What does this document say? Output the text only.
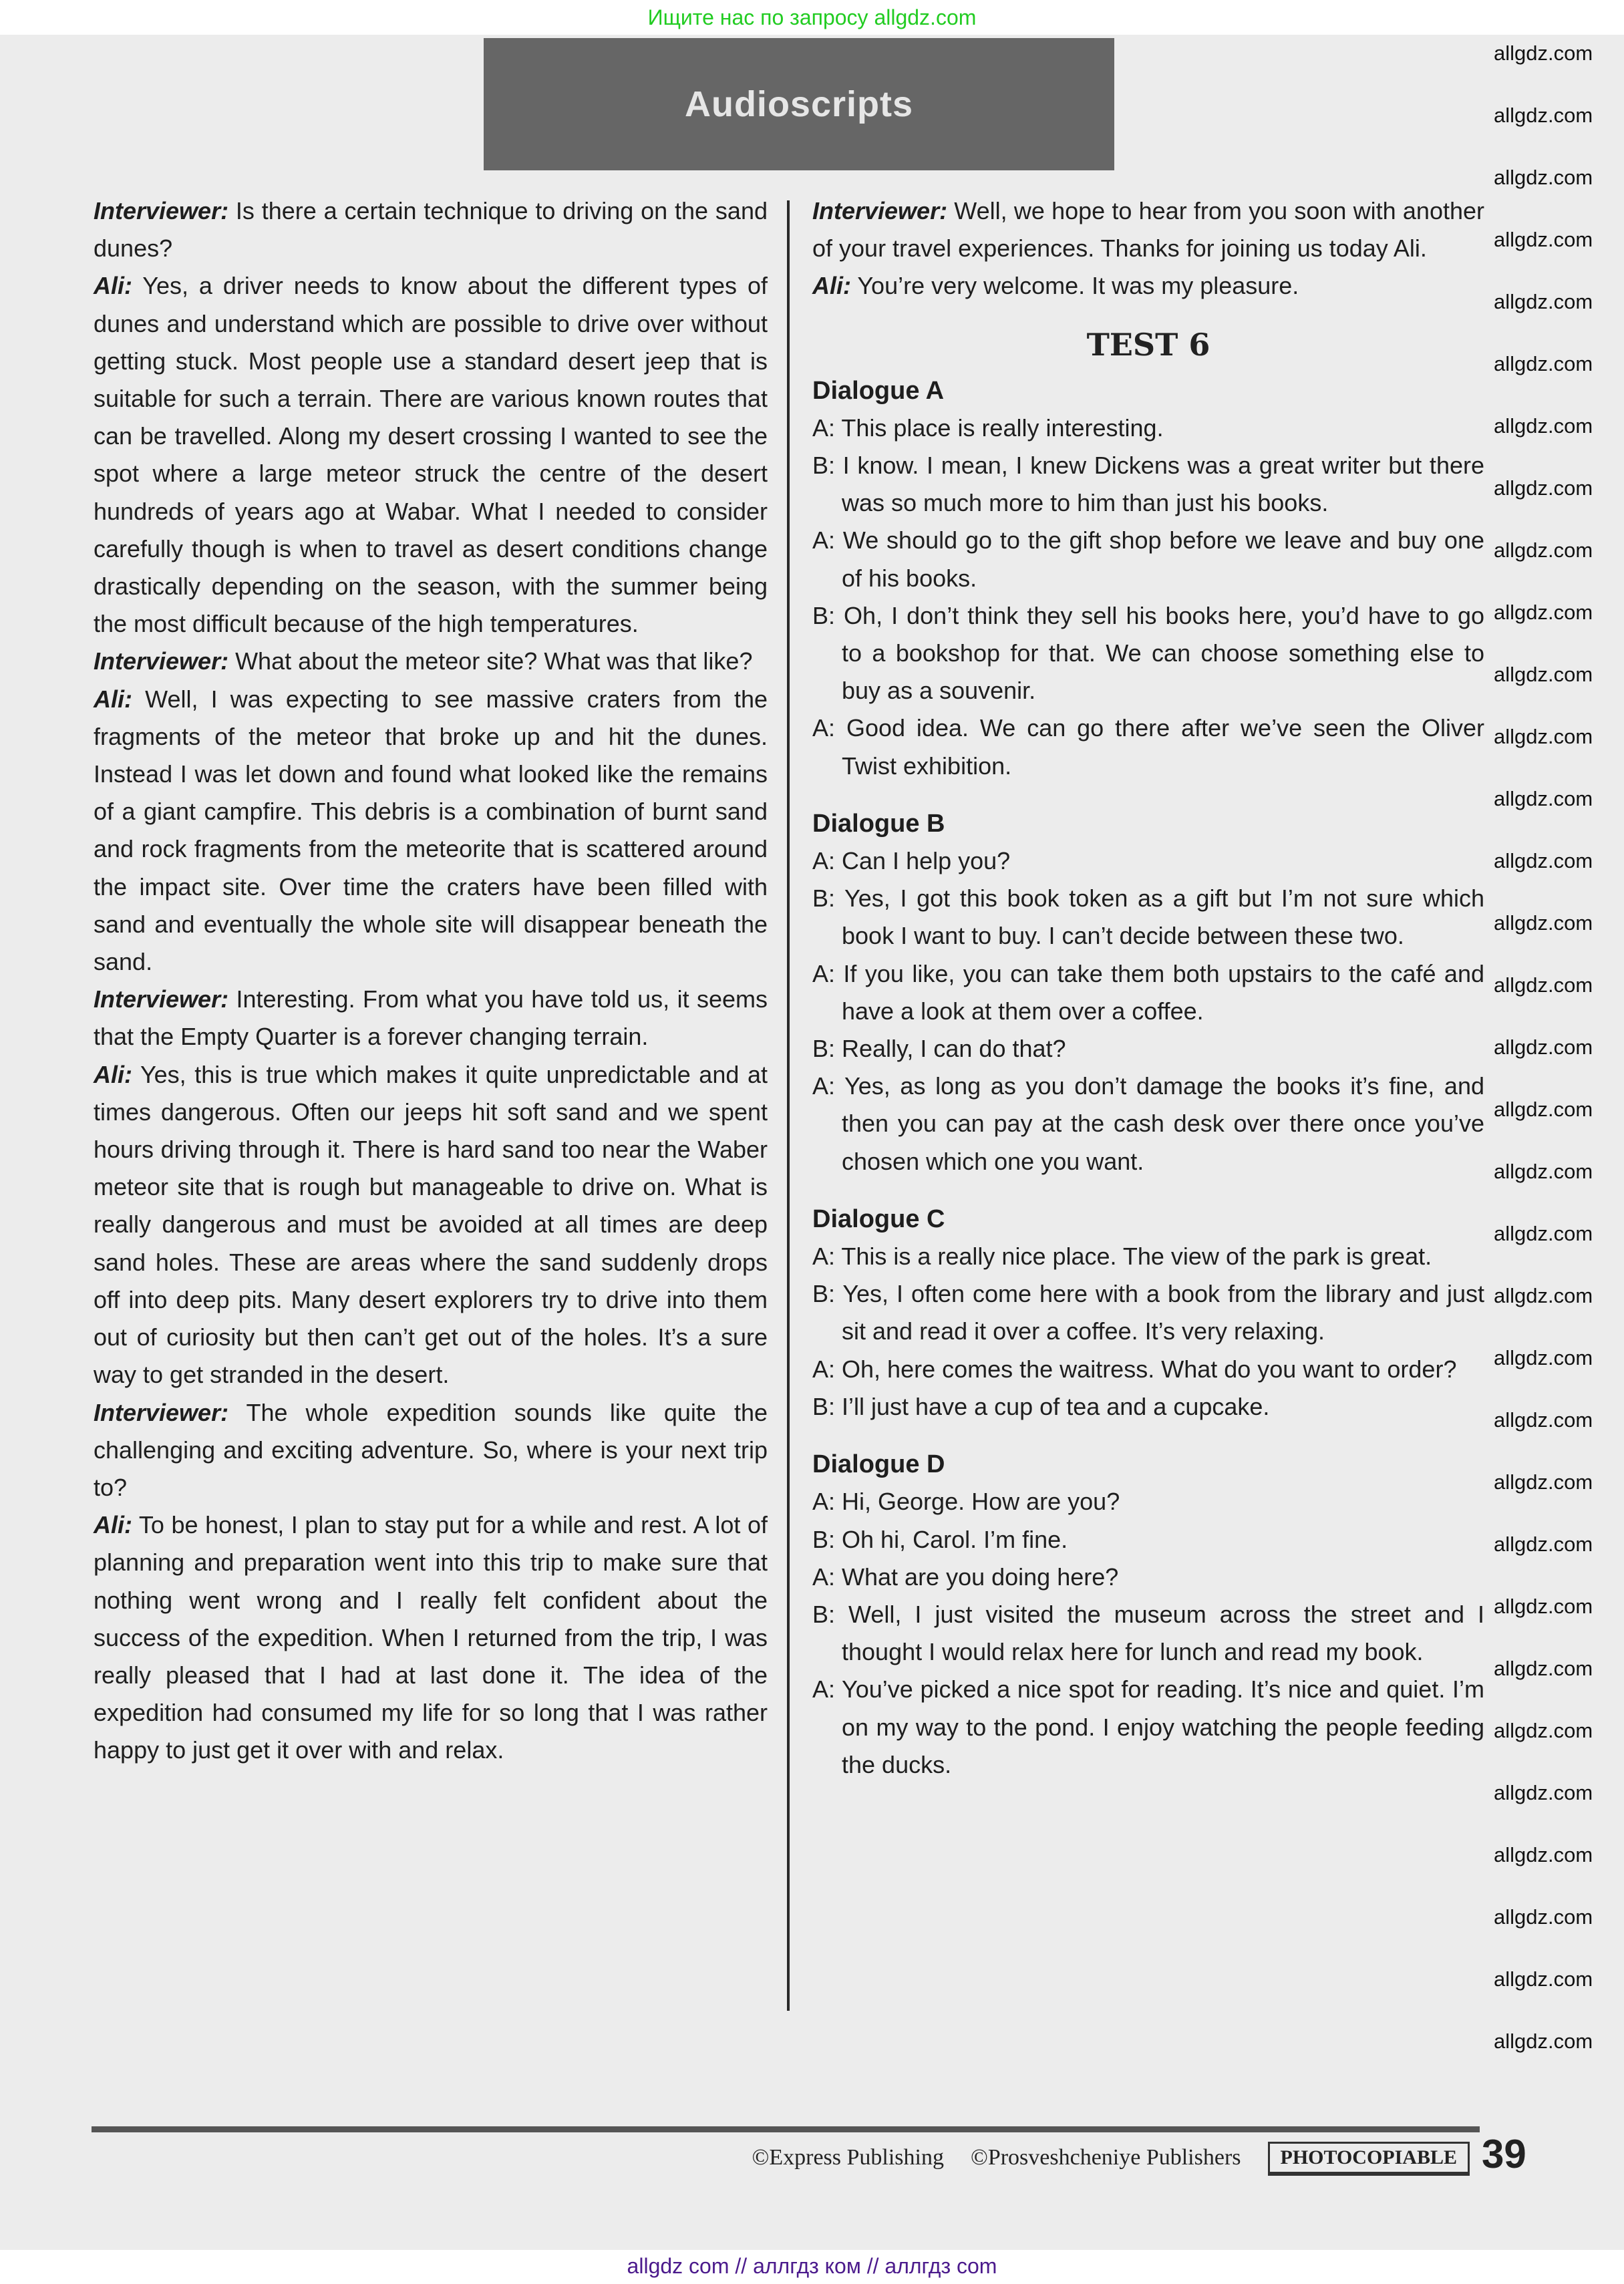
Ищите нас по запросу allgdz.com
Audioscripts
Interviewer: Is there a certain technique to driving on the sand dunes?
Ali: Yes, a driver needs to know about the different types of dunes and understand which are possible to drive over without getting stuck. Most people use a standard desert jeep that is suitable for such a terrain. There are various known routes that can be travelled. Along my desert crossing I wanted to see the spot where a large meteor struck the centre of the desert hundreds of years ago at Wabar. What I needed to consider carefully though is when to travel as desert conditions change drastically depending on the season, with the summer being the most difficult because of the high temperatures.
Interviewer: What about the meteor site? What was that like?
Ali: Well, I was expecting to see massive craters from the fragments of the meteor that broke up and hit the dunes. Instead I was let down and found what looked like the remains of a giant campfire. This debris is a combination of burnt sand and rock fragments from the meteorite that is scattered around the impact site. Over time the craters have been filled with sand and eventually the whole site will disappear beneath the sand.
Interviewer: Interesting. From what you have told us, it seems that the Empty Quarter is a forever changing terrain.
Ali: Yes, this is true which makes it quite unpredictable and at times dangerous. Often our jeeps hit soft sand and we spent hours driving through it. There is hard sand too near the Waber meteor site that is rough but manageable to drive on. What is really dangerous and must be avoided at all times are deep sand holes. These are areas where the sand suddenly drops off into deep pits. Many desert explorers try to drive into them out of curiosity but then can’t get out of the holes. It’s a sure way to get stranded in the desert.
Interviewer: The whole expedition sounds like quite the challenging and exciting adventure. So, where is your next trip to?
Ali: To be honest, I plan to stay put for a while and rest. A lot of planning and preparation went into this trip to make sure that nothing went wrong and I really felt confident about the success of the expedition. When I returned from the trip, I was really pleased that I had at last done it. The idea of the expedition had consumed my life for so long that I was rather happy to just get it over with and relax.
Interviewer: Well, we hope to hear from you soon with another of your travel experiences. Thanks for joining us today Ali.
Ali: You’re very welcome. It was my pleasure.
TEST 6
Dialogue A
A: This place is really interesting.
B: I know. I mean, I knew Dickens was a great writer but there was so much more to him than just his books.
A: We should go to the gift shop before we leave and buy one of his books.
B: Oh, I don’t think they sell his books here, you’d have to go to a bookshop for that. We can choose something else to buy as a souvenir.
A: Good idea. We can go there after we’ve seen the Oliver Twist exhibition.
Dialogue B
A: Can I help you?
B: Yes, I got this book token as a gift but I’m not sure which book I want to buy. I can’t decide between these two.
A: If you like, you can take them both upstairs to the café and have a look at them over a coffee.
B: Really, I can do that?
A: Yes, as long as you don’t damage the books it’s fine, and then you can pay at the cash desk over there once you’ve chosen which one you want.
Dialogue C
A: This is a really nice place. The view of the park is great.
B: Yes, I often come here with a book from the library and just sit and read it over a coffee. It’s very relaxing.
A: Oh, here comes the waitress. What do you want to order?
B: I’ll just have a cup of tea and a cupcake.
Dialogue D
A: Hi, George. How are you?
B: Oh hi, Carol. I’m fine.
A: What are you doing here?
B: Well, I just visited the museum across the street and I thought I would relax here for lunch and read my book.
A: You’ve picked a nice spot for reading. It’s nice and quiet. I’m on my way to the pond. I enjoy watching the people feeding the ducks.
©Express Publishing ©Prosveshcheniye Publishers	PHOTOCOPIABLE 39
allgdz com // аллгдз ком // аллгдз com
allgdz.com
allgdz.com
allgdz.com
allgdz.com
allgdz.com
allgdz.com
allgdz.com
allgdz.com
allgdz.com
allgdz.com
allgdz.com
allgdz.com
allgdz.com
allgdz.com
allgdz.com
allgdz.com
allgdz.com
allgdz.com
allgdz.com
allgdz.com
allgdz.com
allgdz.com
allgdz.com
allgdz.com
allgdz.com
allgdz.com
allgdz.com
allgdz.com
allgdz.com
allgdz.com
allgdz.com
allgdz.com
allgdz.com
